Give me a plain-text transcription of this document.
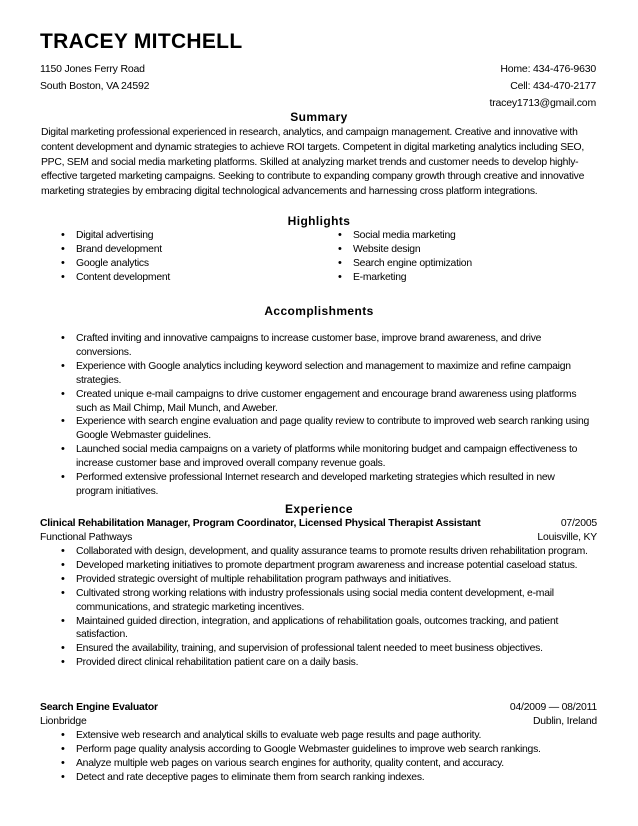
TRACEY MITCHELL
1150 Jones Ferry Road
South Boston, VA 24592
Home: 434-476-9630
Cell: 434-470-2177
tracey1713@gmail.com
Summary
Digital marketing professional experienced in research, analytics, and campaign management. Creative and innovative with content development and dynamic strategies to achieve ROI targets. Competent in digital marketing analytics including SEO, PPC, SEM and social media marketing platforms. Skilled at analyzing market trends and customer needs to develop highly-effective targeted marketing campaigns. Seeking to contribute to expanding company growth through creative and innovative marketing strategies by embracing digital technological advancements and harnessing cross platform integrations.
Highlights
• Digital advertising
• Brand development
• Google analytics
• Content development
• Social media marketing
• Website design
• Search engine optimization
• E-marketing
Accomplishments
• Crafted inviting and innovative campaigns to increase customer base, improve brand awareness, and drive conversions.
• Experience with Google analytics including keyword selection and management to maximize and refine campaign strategies.
• Created unique e-mail campaigns to drive customer engagement and encourage brand awareness using platforms such as Mail Chimp, Mail Munch, and Aweber.
• Experience with search engine evaluation and page quality review to contribute to improved web search ranking using Google Webmaster guidelines.
• Launched social media campaigns on a variety of platforms while monitoring budget and campaign effectiveness to increase customer base and improved overall company revenue goals.
• Performed extensive professional Internet research and developed marketing strategies which resulted in new program initiatives.
Experience
Clinical Rehabilitation Manager, Program Coordinator, Licensed Physical Therapist Assistant	07/2005
Functional Pathways	Louisville, KY
• Collaborated with design, development, and quality assurance teams to promote results driven rehabilitation program.
• Developed marketing initiatives to promote department program awareness and increase potential caseload status.
• Provided strategic oversight of multiple rehabilitation program pathways and initiatives.
• Cultivated strong working relations with industry professionals using social media content development, e-mail communications, and strategic marketing incentives.
• Maintained guided direction, integration, and applications of rehabilitation goals, outcomes tracking, and patient satisfaction.
• Ensured the availability, training, and supervision of professional talent needed to meet business objectives.
• Provided direct clinical rehabilitation patient care on a daily basis.
Search Engine Evaluator	04/2009 — 08/2011
Lionbridge	Dublin, Ireland
• Extensive web research and analytical skills to evaluate web page results and page authority.
• Perform page quality analysis according to Google Webmaster guidelines to improve web search rankings.
• Analyze multiple web pages on various search engines for authority, quality content, and accuracy.
• Detect and rate deceptive pages to eliminate them from search ranking indexes.
